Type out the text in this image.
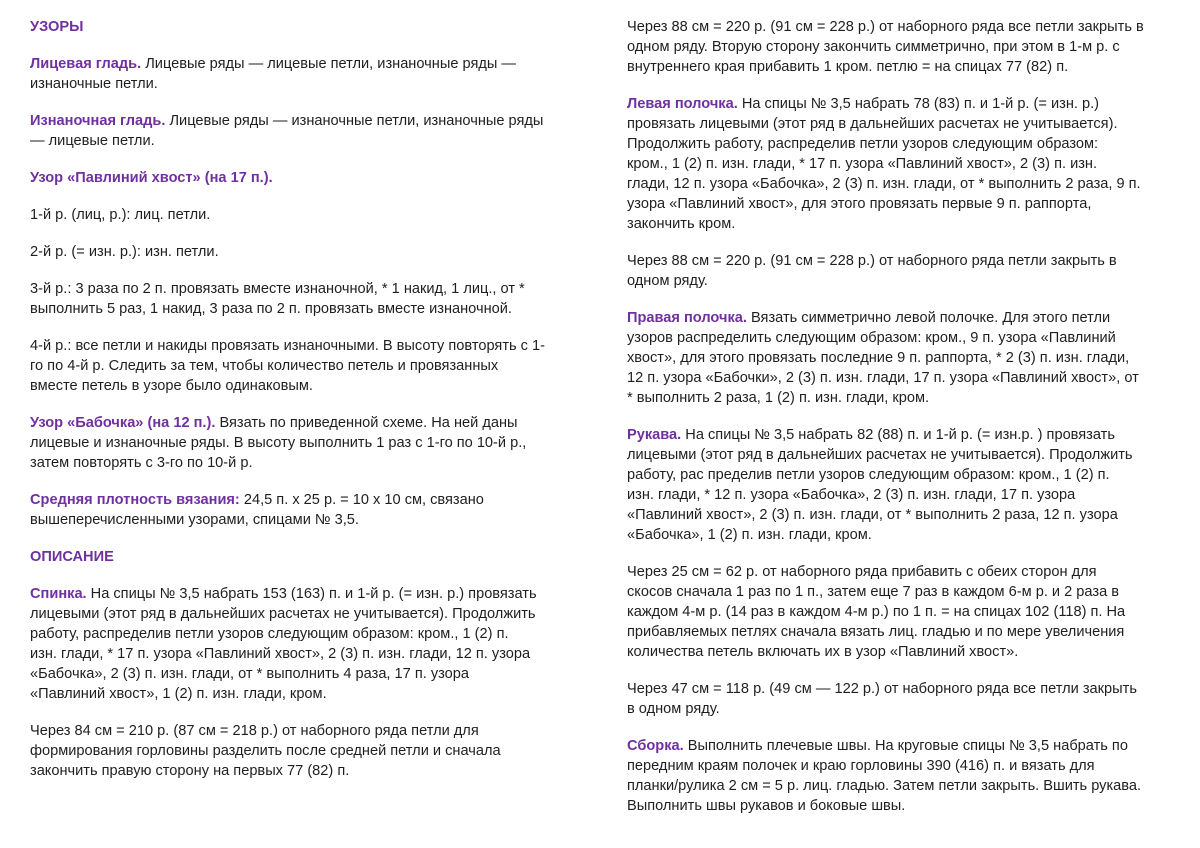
УЗОРЫ

Лицевая гладь. Лицевые ряды — лицевые петли, изнаночные ряды —

изнаночные петли.

Изнаночная гладь. Лицевые ряды — изнаночные петли, изнаночные ряды

— лицевые петли.

Узор «Павлиний хвост» (на 17 п.).

1-й р. (лиц, р.): лиц. петли.

2-й р. (= изн. р.): изн. петли.

3-й р.: 3 раза по 2 п. провязать вместе изнаночной, * 1 накид, 1 лиц., от *

выполнить 5 раз, 1 накид, 3 раза по 2 п. провязать вместе изнаночной.

4-й р.: все петли и накиды провязать изнаночными. В высоту повторять с 1-

го по 4-й р. Следить за тем, чтобы количество петель и провязанных

вместе петель в узоре было одинаковым.

Узор «Бабочка» (на 12 п.). Вязать по приведенной схеме. На ней даны

лицевые и изнаночные ряды. В высоту выполнить 1 раз с 1-го по 10-й р.,

затем повторять с 3-го по 10-й р.

Средняя плотность вязания: 24,5 п. х 25 р. = 10 х 10 см, связано

вышеперечисленными узорами, спицами № 3,5.

ОПИСАНИЕ

Спинка. На спицы № 3,5 набрать 153 (163) п. и 1-й р. (= изн. р.) провязать

лицевыми (этот ряд в дальнейших расчетах не учитывается). Продолжить

работу, распределив петли узоров следующим образом: кром., 1 (2) п.

изн. глади, * 17 п. узора «Павлиний хвост», 2 (3) п. изн. глади, 12 п. узора

«Бабочка», 2 (3) п. изн. глади, от * выполнить 4 раза, 17 п. узора

«Павлиний хвост», 1 (2) п. изн. глади, кром.

Через 84 см = 210 р. (87 см = 218 р.) от наборного ряда петли для

формирования горловины разделить после средней петли и сначала

закончить правую сторону на первых 77 (82) п.

Через 88 см = 220 р. (91 см = 228 р.) от наборного ряда все петли закрыть в

одном ряду. Вторую сторону закончить симметрично, при этом в 1-м р. с

внутреннего края прибавить 1 кром. петлю = на спицах 77 (82) п.

Левая полочка. На спицы № 3,5 набрать 78 (83) п. и 1-й р. (= изн. р.)

провязать лицевыми (этот ряд в дальнейших расчетах не учитывается).

Продолжить работу, распределив петли узоров следующим образом:

кром., 1 (2) п. изн. глади, * 17 п. узора «Павлиний хвост», 2 (3) п. изн.

глади, 12 п. узора «Бабочка», 2 (3) п. изн. глади, от * выполнить 2 раза, 9 п.

узора «Павлиний хвост», для этого провязать первые 9 п. раппорта,

закончить кром.

Через 88 см = 220 р. (91 см = 228 р.) от наборного ряда петли закрыть в

одном ряду.

Правая полочка. Вязать симметрично левой полочке. Для этого петли

узоров распределить следующим образом: кром., 9 п. узора «Павлиний

хвост», для этого провязать последние 9 п. раппорта, * 2 (3) п. изн. глади,

12 п. узора «Бабочки», 2 (3) п. изн. глади, 17 п. узора «Павлиний хвост», от

* выполнить 2 раза, 1 (2) п. изн. глади, кром.

Рукава. На спицы № 3,5 набрать 82 (88) п. и 1-й р. (= изн.р. ) провязать

лицевыми (этот ряд в дальнейших расчетах не учитывается). Продолжить

работу, рас пределив петли узоров следующим образом: кром., 1 (2) п.

изн. глади, * 12 п. узора «Бабочка», 2 (3) п. изн. глади, 17 п. узора

«Павлиний хвост», 2 (3) п. изн. глади, от * выполнить 2 раза, 12 п. узора

«Бабочка», 1 (2) п. изн. глади, кром.

Через 25 см = 62 р. от наборного ряда прибавить с обеих сторон для

скосов сначала 1 раз по 1 п., затем еще 7 раз в каждом 6-м р. и 2 раза в

каждом 4-м р. (14 раз в каждом 4-м р.) по 1 п. = на спицах 102 (118) п. На

прибавляемых петлях сначала вязать лиц. гладью и по мере увеличения

количества петель включать их в узор «Павлиний хвост».

Через 47 см = 118 р. (49 см — 122 р.) от наборного ряда все петли закрыть

в одном ряду.

Сборка. Выполнить плечевые швы. На круговые спицы № 3,5 набрать по

передним краям полочек и краю горловины 390 (416) п. и вязать для

планки/рулика 2 см = 5 р. лиц. гладью. Затем петли закрыть. Вшить рукава.

Выполнить швы рукавов и боковые швы.
